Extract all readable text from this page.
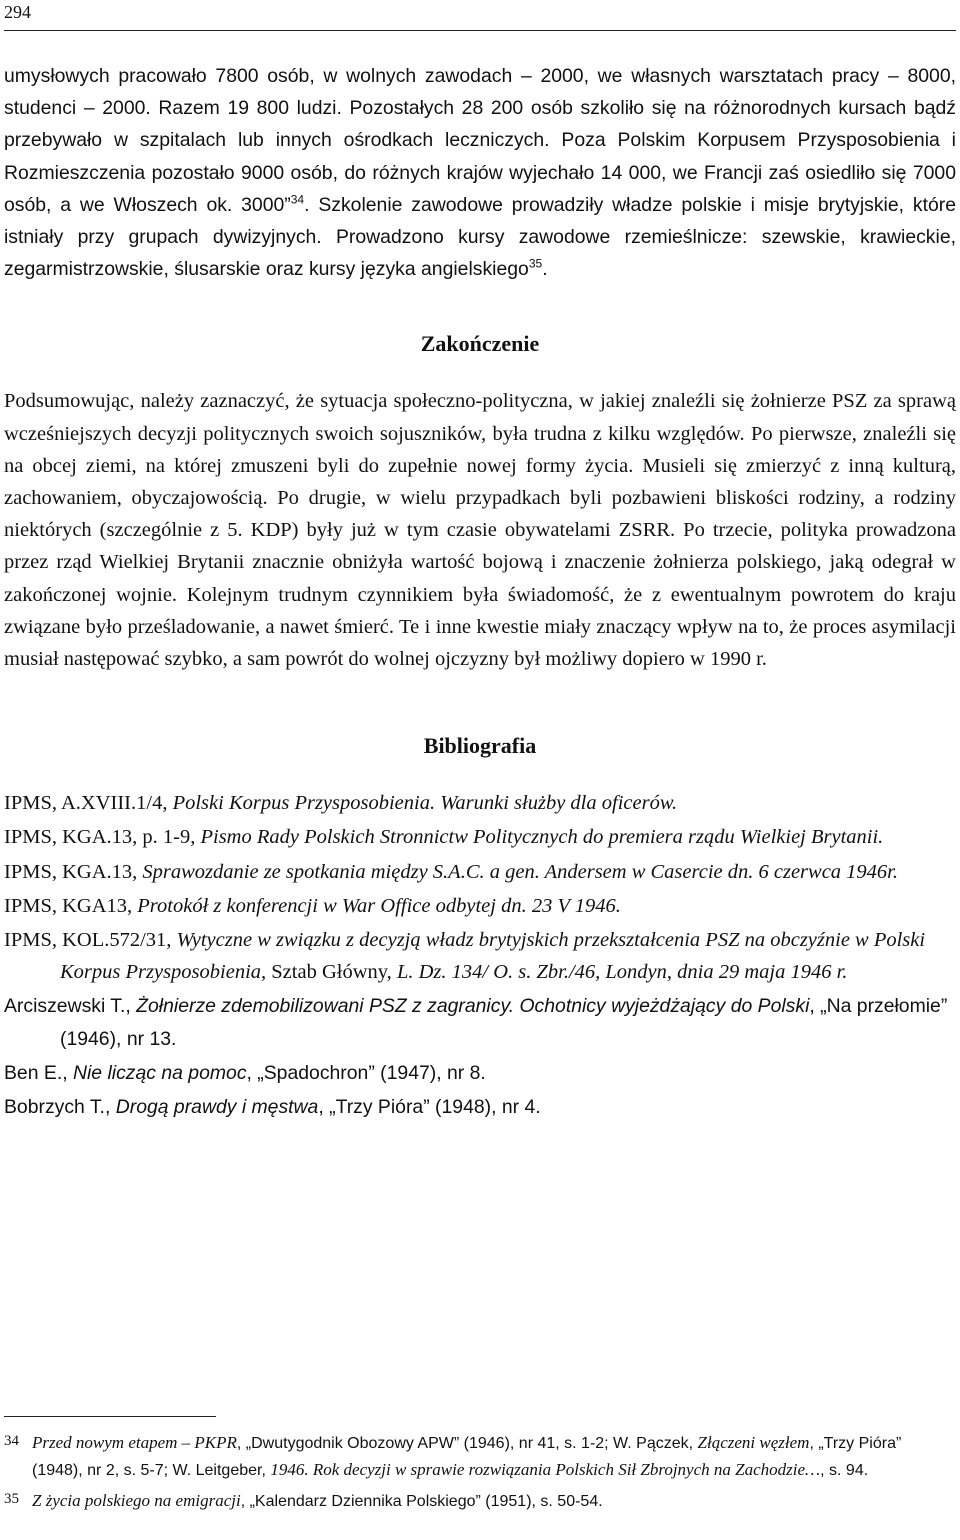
294

umysłowych pracowało 7800 osób, w wolnych zawodach – 2000, we własnych warsztatach pracy – 8000, studenci – 2000. Razem 19 800 ludzi. Pozostałych 28 200 osób szkoliło się na różnorodnych kursach bądź przebywało w szpitalach lub innych ośrodkach leczniczych. Poza Polskim Korpusem Przysposobienia i Rozmieszczenia pozostało 9000 osób, do różnych krajów wyjechało 14 000, we Francji zaś osiedliło się 7000 osób, a we Włoszech ok. 3000”$^{34}$. Szkolenie zawodowe prowadziły władze polskie i misje brytyjskie, które istniały przy grupach dywizyjnych. Prowadzono kursy zawodowe rzemieślnicze: szewskie, krawieckie, zegarmistrzowskie, ślusarskie oraz kursy języka angielskiego$^{35}$.

Zakończenie

Podsumowując, należy zaznaczyć, że sytuacja społeczno-polityczna, w jakiej znaleźli się żołnierze PSZ za sprawą wcześniejszych decyzji politycznych swoich sojuszników, była trudna z kilku względów. Po pierwsze, znaleźli się na obcej ziemi, na której zmuszeni byli do zupełnie nowej formy życia. Musieli się zmierzyć z inną kulturą, zachowaniem, obyczajowością. Po drugie, w wielu przypadkach byli pozbawieni bliskości rodziny, a rodziny niektórych (szczególnie z 5. KDP) były już w tym czasie obywatelami ZSRR. Po trzecie, polityka prowadzona przez rząd Wielkiej Brytanii znacznie obniżyła wartość bojową i znaczenie żołnierza polskiego, jaką odegrał w zakończonej wojnie. Kolejnym trudnym czynnikiem była świadomość, że z ewentualnym powrotem do kraju związane było prześladowanie, a nawet śmierć. Te i inne kwestie miały znaczący wpływ na to, że proces asymilacji musiał następować szybko, a sam powrót do wolnej ojczyzny był możliwy dopiero w 1990 r.

Bibliografia

IPMS, A.XVIII.1/4, Polski Korpus Przysposobienia. Warunki służby dla oficerów.

IPMS, KGA.13, p. 1-9, Pismo Rady Polskich Stronnictw Politycznych do premiera rządu Wielkiej Brytanii.

IPMS, KGA.13, Sprawozdanie ze spotkania między S.A.C. a gen. Andersem w Casercie dn. 6 czerwca 1946r.

IPMS, KGA13, Protokół z konferencji w War Office odbytej dn. 23 V 1946.

IPMS, KOL.572/31, Wytyczne w związku z decyzją władz brytyjskich przekształcenia PSZ na obczyźnie w Polski Korpus Przysposobienia, Sztab Główny, L. Dz. 134/ O. s. Zbr./46, Londyn, dnia 29 maja 1946 r.

Arciszewski T., Żołnierze zdemobilizowani PSZ z zagranicy. Ochotnicy wyjeżdżający do Polski, „Na przełomie” (1946), nr 13.

Ben E., Nie licząc na pomoc, „Spadochron” (1947), nr 8.

Bobrzych T., Drogą prawdy i męstwa, „Trzy Pióra” (1948), nr 4.

34 Przed nowym etapem – PKPR, „Dwutygodnik Obozowy APW” (1946), nr 41, s. 1-2; W. Pączek, Złączeni węzłem, „Trzy Pióra” (1948), nr 2, s. 5-7; W. Leitgeber, 1946. Rok decyzji w sprawie rozwiązania Polskich Sił Zbrojnych na Zachodzie…, s. 94.

35 Z życia polskiego na emigracji, „Kalendarz Dziennika Polskiego” (1951), s. 50-54.
